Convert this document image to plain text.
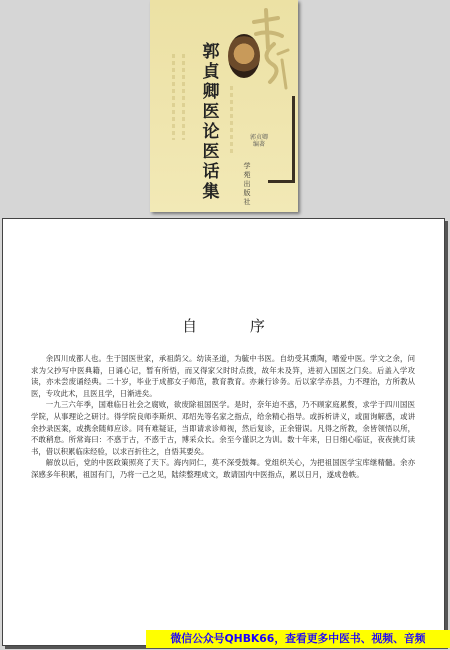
郭貞卿医论医话集
郭贞卿 编著
学苑出版社
自 序

余四川成都人也。生于国医世家，承祖荫父。幼读圣道，为毓中书医。自幼受其熏陶，嗜爱中医。学文之余，问求为父抄写中医典籍，日诵心记，暂有所悟，而又得家父时时点拨，故年未及笄，进初入国医之门矣。后盖入学攻读，亦未尝废诵经典。二十岁，毕业于成都女子师范，教育教育。亦兼行诊务。后以家学赤县，力不理治，方所教从医，专攻此术，且医且学，日渐进矣。

一九三六年季，国难临日社会之腐败，欲废除祖国医学。是时，奈年迫不惑，乃不顾家庭累赘，求学于四川国医学院，从事理论之研讨。得学院良师李斯炽、邓绍先等名家之指点，给余精心指导。或拆析讲义，或面询解惑，或讲余抄录医案，或携余随师应诊。同有难疑证，当即请求诊师视，然后复诊，正余错误。凡得之所教，余皆领悟以所，不敢稍怠。所常诲曰：不惑于古，不惑于古，博采众长。余至今谨识之为训。数十年来，日日细心临证，夜夜挑灯读书，借以积累临床经验，以求百折往之，自悟其要矣。

解放以后，党的中医政策照亮了天下。海内同仁，莫不深受鼓舞。党组织关心，为把祖国医学宝库继精髓。余亦深感多年积累，祖国有门，乃将一己之见，陆续整理成文，敢请国内中医指点，累以日月，遂成卷帙。

微信公众号QHBK66，查看更多中医书、视频、音频
